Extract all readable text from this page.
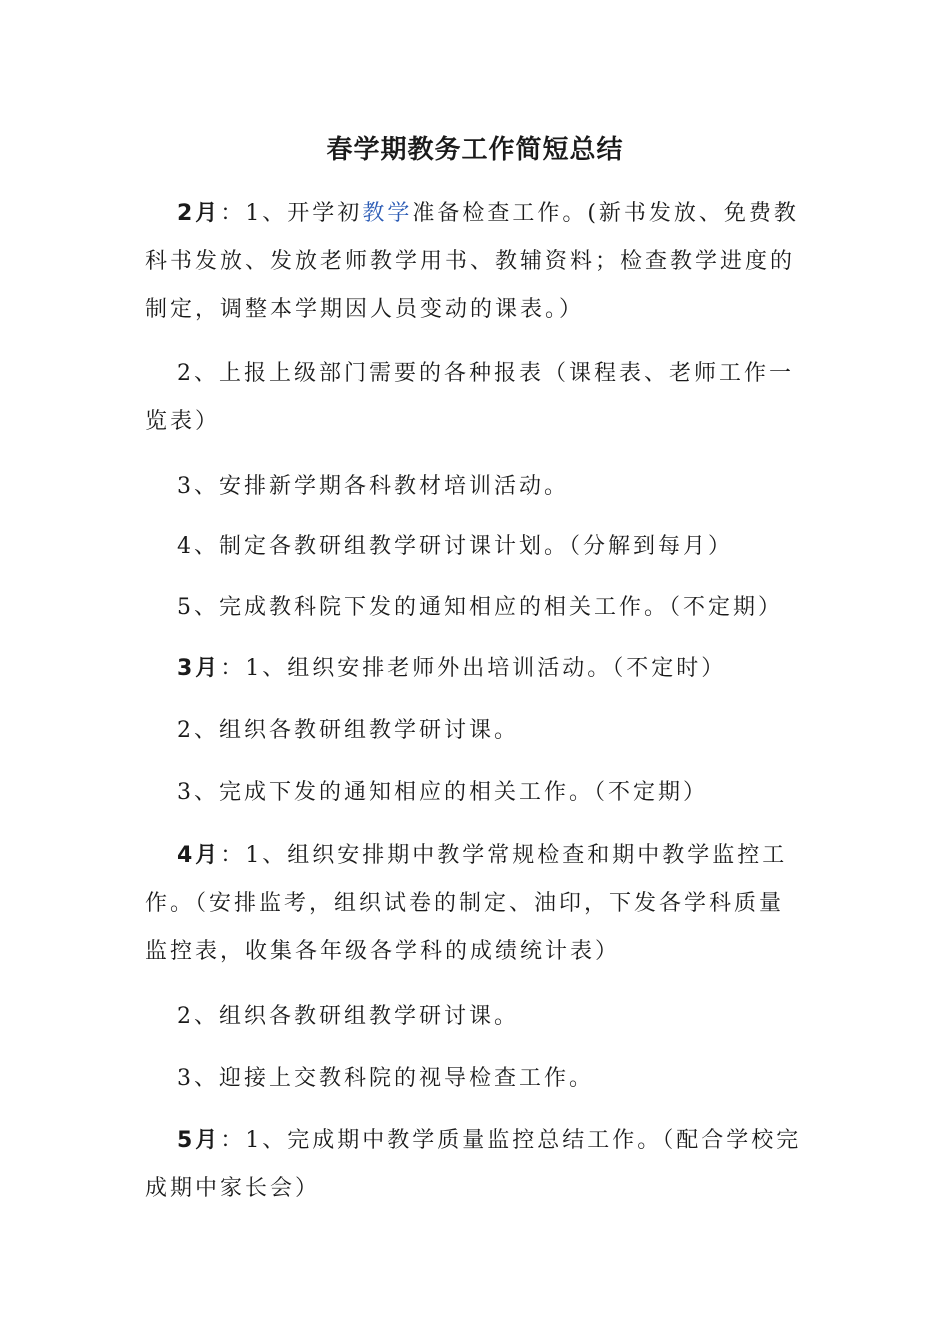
春学期教务工作简短总结
2月：1、开学初教学准备检查工作。(新书发放、免费教科书发放、发放老师教学用书、教辅资料；检查教学进度的制定，调整本学期因人员变动的课表。）
2、上报上级部门需要的各种报表（课程表、老师工作一览表）
3、安排新学期各科教材培训活动。
4、制定各教研组教学研讨课计划。（分解到每月）
5、完成教科院下发的通知相应的相关工作。（不定期）
3月：1、组织安排老师外出培训活动。（不定时）
2、组织各教研组教学研讨课。
3、完成下发的通知相应的相关工作。（不定期）
4月：1、组织安排期中教学常规检查和期中教学监控工作。（安排监考，组织试卷的制定、油印，下发各学科质量监控表，收集各年级各学科的成绩统计表）
2、组织各教研组教学研讨课。
3、迎接上交教科院的视导检查工作。
5月：1、完成期中教学质量监控总结工作。（配合学校完成期中家长会）
